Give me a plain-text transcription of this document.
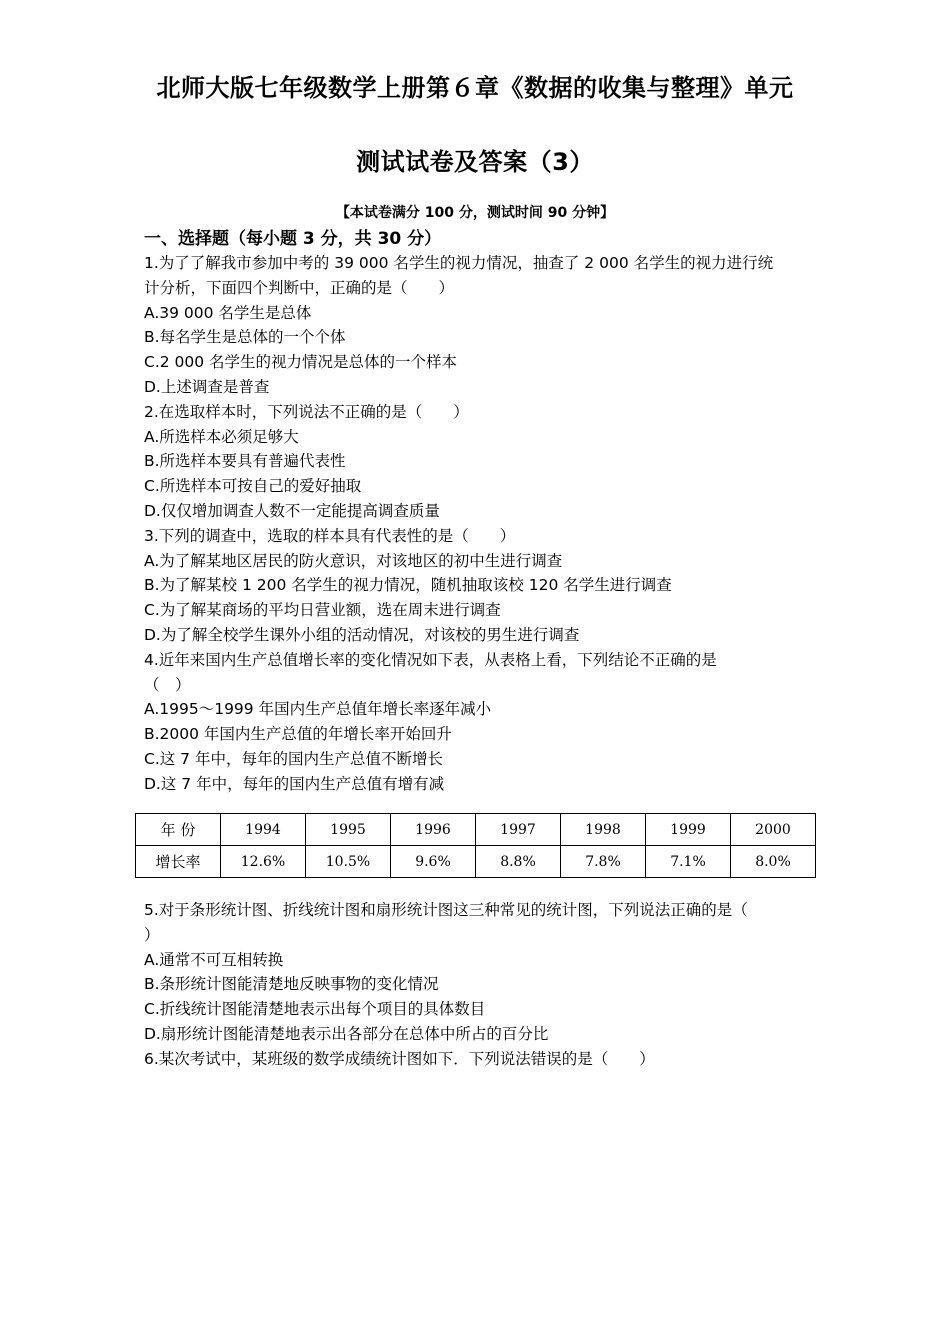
北师大版七年级数学上册第６章《数据的收集与整理》单元
测试试卷及答案（3）
【本试卷满分 100 分，测试时间 90 分钟】
一、选择题（每小题 3 分，共 30 分）

1.为了了解我市参加中考的 39 000 名学生的视力情况，抽查了 2 000 名学生的视力进行统

计分析，下面四个判断中，正确的是（　　）

A.39 000 名学生是总体

B.每名学生是总体的一个个体

C.2 000 名学生的视力情况是总体的一个样本

D.上述调查是普查

2.在选取样本时，下列说法不正确的是（　　）

A.所选样本必须足够大

B.所选样本要具有普遍代表性

C.所选样本可按自己的爱好抽取

D.仅仅增加调查人数不一定能提高调查质量

3.下列的调查中，选取的样本具有代表性的是（　　）

A.为了解某地区居民的防火意识，对该地区的初中生进行调查

B.为了解某校 1 200 名学生的视力情况，随机抽取该校 120 名学生进行调查

C.为了解某商场的平均日营业额，选在周末进行调查

D.为了解全校学生课外小组的活动情况，对该校的男生进行调查

4.近年来国内生产总值增长率的变化情况如下表，从表格上看，下列结论不正确的是

（　）

A.1995～1999 年国内生产总值年增长率逐年减小

B.2000 年国内生产总值的年增长率开始回升

C.这 7 年中，每年的国内生产总值不断增长

D.这 7 年中，每年的国内生产总值有增有减

年 份	1994	1995	1996	1997	1998	1999	2000
增长率	12.6%	10.5%	9.6%	8.8%	7.8%	7.1%	8.0%

5.对于条形统计图、折线统计图和扇形统计图这三种常见的统计图，下列说法正确的是（

）

A.通常不可互相转换

B.条形统计图能清楚地反映事物的变化情况

C.折线统计图能清楚地表示出每个项目的具体数目

D.扇形统计图能清楚地表示出各部分在总体中所占的百分比

6.某次考试中，某班级的数学成绩统计图如下．下列说法错误的是（　　）
